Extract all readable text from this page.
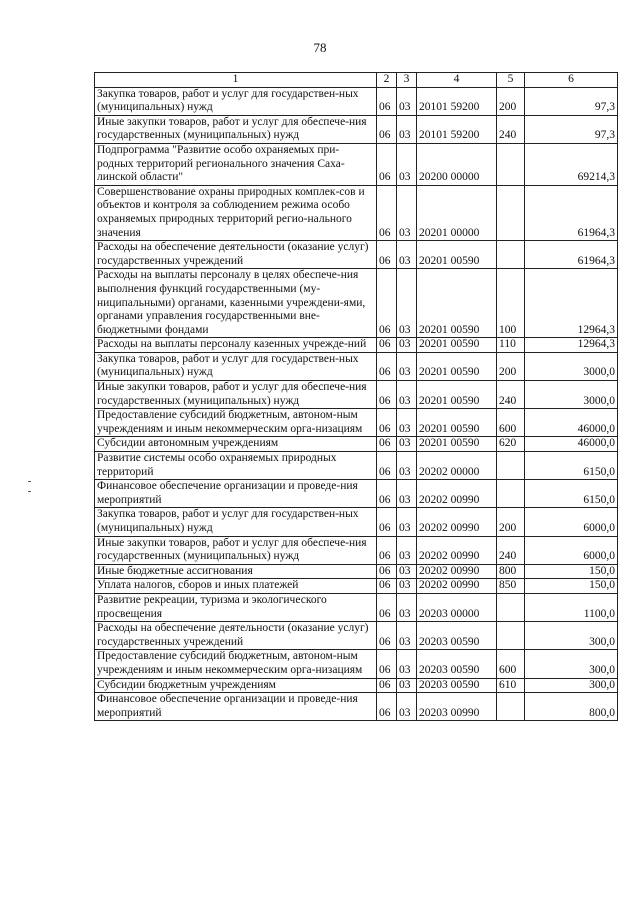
78
1	2	3	4	5	6
Закупка товаров, работ и услуг для государствен-ных (муниципальных) нужд	06	03	20101 59200	200	97,3
Иные закупки товаров, работ и услуг для обеспече-ния государственных (муниципальных) нужд	06	03	20101 59200	240	97,3
Подпрограмма "Развитие особо охраняемых при-родных территорий регионального значения Саха-линской области"	06	03	20200 00000		69214,3
Совершенствование охраны природных комплек-сов и объектов и контроля за соблюдением режима особо охраняемых природных территорий регио-нального значения	06	03	20201 00000		61964,3
Расходы на обеспечение деятельности (оказание услуг) государственных учреждений	06	03	20201 00590		61964,3
Расходы на выплаты персоналу в целях обеспече-ния выполнения функций государственными (му-ниципальными) органами, казенными учреждени-ями, органами управления государственными вне-бюджетными фондами	06	03	20201 00590	100	12964,3
Расходы на выплаты персоналу казенных учрежде-ний	06	03	20201 00590	110	12964,3
Закупка товаров, работ и услуг для государствен-ных (муниципальных) нужд	06	03	20201 00590	200	3000,0
Иные закупки товаров, работ и услуг для обеспече-ния государственных (муниципальных) нужд	06	03	20201 00590	240	3000,0
Предоставление субсидий бюджетным, автоном-ным учреждениям и иным некоммерческим орга-низациям	06	03	20201 00590	600	46000,0
Субсидии автономным учреждениям	06	03	20201 00590	620	46000,0
Развитие системы особо охраняемых природных территорий	06	03	20202 00000		6150,0
Финансовое обеспечение организации и проведе-ния мероприятий	06	03	20202 00990		6150,0
Закупка товаров, работ и услуг для государствен-ных (муниципальных) нужд	06	03	20202 00990	200	6000,0
Иные закупки товаров, работ и услуг для обеспече-ния государственных (муниципальных) нужд	06	03	20202 00990	240	6000,0
Иные бюджетные ассигнования	06	03	20202 00990	800	150,0
Уплата налогов, сборов и иных платежей	06	03	20202 00990	850	150,0
Развитие рекреации, туризма и экологического просвещения	06	03	20203 00000		1100,0
Расходы на обеспечение деятельности (оказание услуг) государственных учреждений	06	03	20203 00590		300,0
Предоставление субсидий бюджетным, автоном-ным учреждениям и иным некоммерческим орга-низациям	06	03	20203 00590	600	300,0
Субсидии бюджетным учреждениям	06	03	20203 00590	610	300,0
Финансовое обеспечение организации и проведе-ния мероприятий	06	03	20203 00990		800,0
